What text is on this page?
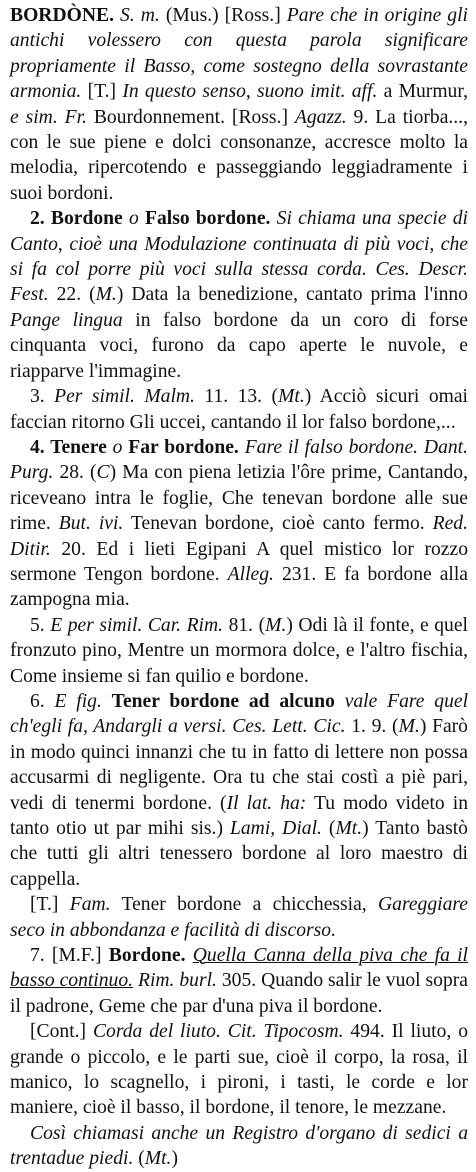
BORDÒNE. S. m. (Mus.) [Ross.] Pare che in origine gli antichi volessero con questa parola significare propriamente il Basso, come sostegno della sovrastante armonia. [T.] In questo senso, suono imit. aff. a Murmur, e sim. Fr. Bourdonnement. [Ross.] Agazz. 9. La tiorba..., con le sue piene e dolci consonanze, accresce molto la melodia, ripercotendo e passeggiando leggiadramente i suoi bordoni.

2. Bordone o Falso bordone. Si chiama una specie di Canto, cioè una Modulazione continuata di più voci, che si fa col porre più voci sulla stessa corda. Ces. Descr. Fest. 22. (M.) Data la benedizione, cantato prima l'inno Pange lingua in falso bordone da un coro di forse cinquanta voci, furono da capo aperte le nuvole, e riapparve l'immagine.

3. Per simil. Malm. 11. 13. (Mt.) Acciò sicuri omai faccian ritorno Gli uccei, cantando il lor falso bordone,...

4. Tenere o Far bordone. Fare il falso bordone. Dant. Purg. 28. (C) Ma con piena letizia l'ôre prime, Cantando, riceveano intra le foglie, Che tenevan bordone alle sue rime. But. ivi. Tenevan bordone, cioè canto fermo. Red. Ditir. 20. Ed i lieti Egipani A quel mistico lor rozzo sermone Tengon bordone. Alleg. 231. E fa bordone alla zampogna mia.

5. E per simil. Car. Rim. 81. (M.) Odi là il fonte, e quel fronzuto pino, Mentre un mormora dolce, e l'altro fischia, Come insieme si fan quilio e bordone.

6. E fig. Tener bordone ad alcuno vale Fare quel ch'egli fa, Andargli a versi. Ces. Lett. Cic. 1. 9. (M.) Farò in modo quinci innanzi che tu in fatto di lettere non possa accusarmi di negligente. Ora tu che stai costì a piè pari, vedi di tenermi bordone. (Il lat. ha: Tu modo videto in tanto otio ut par mihi sis.) Lami, Dial. (Mt.) Tanto bastò che tutti gli altri tenessero bordone al loro maestro di cappella.

[T.] Fam. Tener bordone a chicchessia, Gareggiare seco in abbondanza e facilità di discorso.

7. [M.F.] Bordone. Quella Canna della piva che fa il basso continuo. Rim. burl. 305. Quando salir le vuol sopra il padrone, Geme che par d'una piva il bordone.

[Cont.] Corda del liuto. Cit. Tipocosm. 494. Il liuto, o grande o piccolo, e le parti sue, cioè il corpo, la rosa, il manico, lo scagnello, i pironi, i tasti, le corde e lor maniere, cioè il basso, il bordone, il tenore, le mezzane.

Così chiamasi anche un Registro d'organo di sedici a trentadue piedi. (Mt.)
